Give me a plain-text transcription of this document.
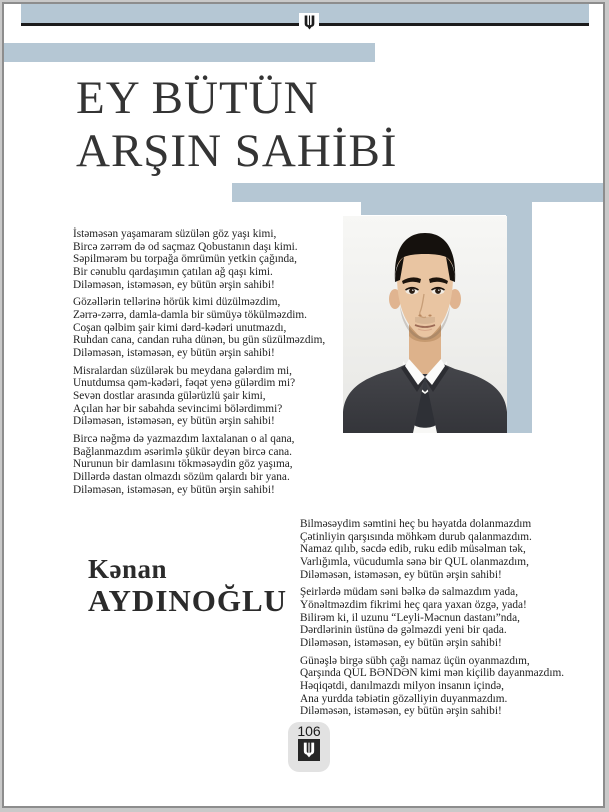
EY BÜTÜN
ARŞIN SAHİBİ

İstəməsən yaşamaram süzülən göz yaşı kimi,

Bircə zərrəm də od saçmaz Qobustanın daşı kimi.

Səpilmərəm bu torpağa ömrümün yetkin çağında,

Bir cənublu qardaşımın çatılan ağ qaşı kimi.

Diləməsən, istəməsən, ey bütün ərşin sahibi!

Gözəllərin tellərinə hörük kimi düzülməzdim,

Zərrə-zərrə, damla-damla bir sümüyə tökülməzdim.

Coşan qəlbim şair kimi dərd-kədəri unutmazdı,

Ruhdan cana, candan ruha dünən, bu gün süzülməzdim,

Diləməsən, istəməsən, ey bütün ərşin sahibi!

Misralardan süzülərək bu meydana gələrdim mi,

Unutdumsa qəm-kədəri, fəqət yenə gülərdim mi?

Sevən dostlar arasında gülərüzlü şair kimi,

Açılan hər bir sabahda sevincimi bölərdimmi?

Diləməsən, istəməsən, ey bütün ərşin sahibi!

Bircə nəğmə də yazmazdım laxtalanan o al qana,

Bağlanmazdım əsərimlə şükür deyən bircə cana.

Nurunun bir damlasını tökməsəydin göz yaşıma,

Dillərdə dastan olmazdı sözüm qalardı bir yana.

Diləməsən, istəməsən, ey bütün ərşin sahibi!

Bilməsəydim səmtini heç bu həyatda dolanmazdım

Çətinliyin qarşısında möhkəm durub qalanmazdım.

Namaz qılıb, səcdə edib, ruku edib müsəlman tək,

Varlığımla, vücudumla sənə bir QUL olanmazdım,

Diləməsən, istəməsən, ey bütün ərşin sahibi!

Şeirlərdə müdam səni bəlkə də salmazdım yada,

Yönəltməzdim fikrimi heç qara yaxan özgə, yada!

Bilirəm ki, il uzunu “Leyli-Məcnun dastanı”nda,

Dərdlərinin üstünə də gəlməzdi yeni bir qada.

Diləməsən, istəməsən, ey bütün ərşin sahibi!

Günəşlə birgə sübh çağı namaz üçün oyanmazdım,

Qarşında QUL BƏNDƏN kimi mən kiçilib dayanmazdım.

Həqiqətdi, danılmazdı milyon insanın içində,

Ana yurdda təbiətin gözəlliyin duyanmazdım.

Diləməsən, istəməsən, ey bütün ərşin sahibi!

Kənan
AYDINOĞLU
106
